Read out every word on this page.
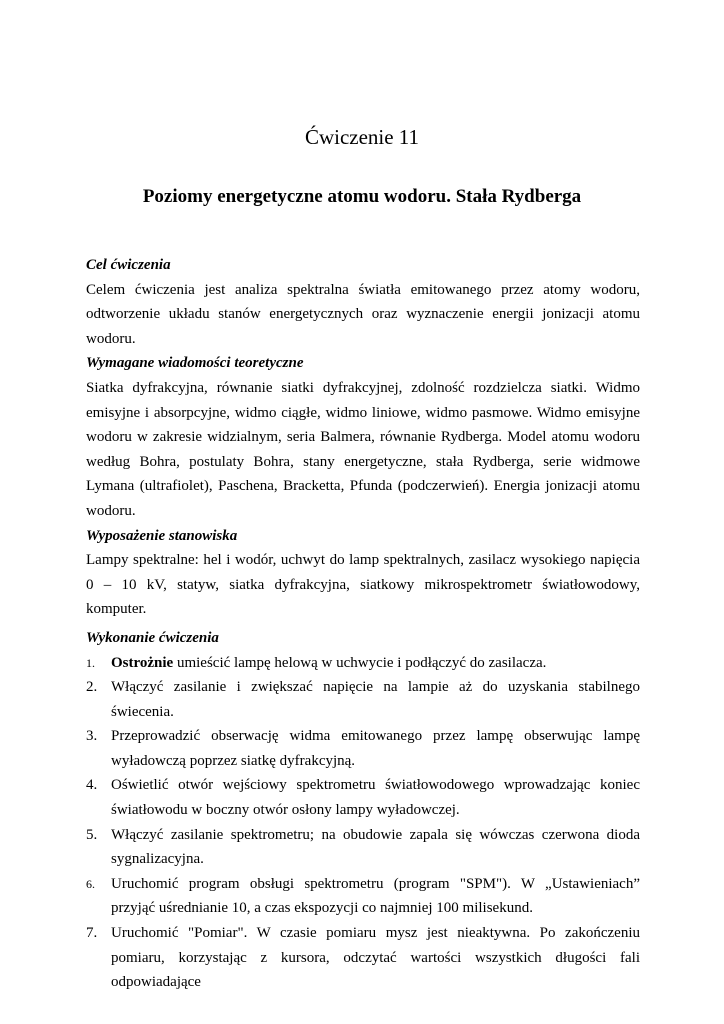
Ćwiczenie 11
Poziomy energetyczne atomu wodoru. Stała Rydberga
Cel ćwiczenia

Celem ćwiczenia jest analiza spektralna światła emitowanego przez atomy wodoru, odtworzenie układu stanów energetycznych oraz wyznaczenie energii jonizacji atomu wodoru.

Wymagane wiadomości teoretyczne

Siatka dyfrakcyjna, równanie siatki dyfrakcyjnej, zdolność rozdzielcza siatki. Widmo emisyjne i absorpcyjne, widmo ciągłe, widmo liniowe, widmo pasmowe. Widmo emisyjne wodoru w zakresie widzialnym, seria Balmera, równanie Rydberga. Model atomu wodoru według Bohra, postulaty Bohra, stany energetyczne, stała Rydberga, serie widmowe Lymana (ultrafiolet), Paschena, Bracketta, Pfunda (podczerwień). Energia jonizacji atomu wodoru.

Wyposażenie stanowiska

Lampy spektralne: hel i wodór, uchwyt do lamp spektralnych, zasilacz wysokiego napięcia 0 – 10 kV, statyw, siatka dyfrakcyjna, siatkowy mikrospektrometr światłowodowy, komputer.

Wykonanie ćwiczenia
1. Ostrożnie umieścić lampę helową w uchwycie i podłączyć do zasilacza.
2. Włączyć zasilanie i zwiększać napięcie na lampie aż do uzyskania stabilnego świecenia.
3. Przeprowadzić obserwację widma emitowanego przez lampę obserwując lampę wyładowczą poprzez siatkę dyfrakcyjną.
4. Oświetlić otwór wejściowy spektrometru światłowodowego wprowadzając koniec światłowodu w boczny otwór osłony lampy wyładowczej.
5. Włączyć zasilanie spektrometru; na obudowie zapala się wówczas czerwona dioda sygnalizacyjna.
6. Uruchomić program obsługi spektrometru (program "SPM"). W „Ustawieniach” przyjąć uśrednianie 10, a czas ekspozycji co najmniej 100 milisekund.
7. Uruchomić "Pomiar". W czasie pomiaru mysz jest nieaktywna. Po zakończeniu pomiaru, korzystając z kursora, odczytać wartości wszystkich długości fali odpowiadające
